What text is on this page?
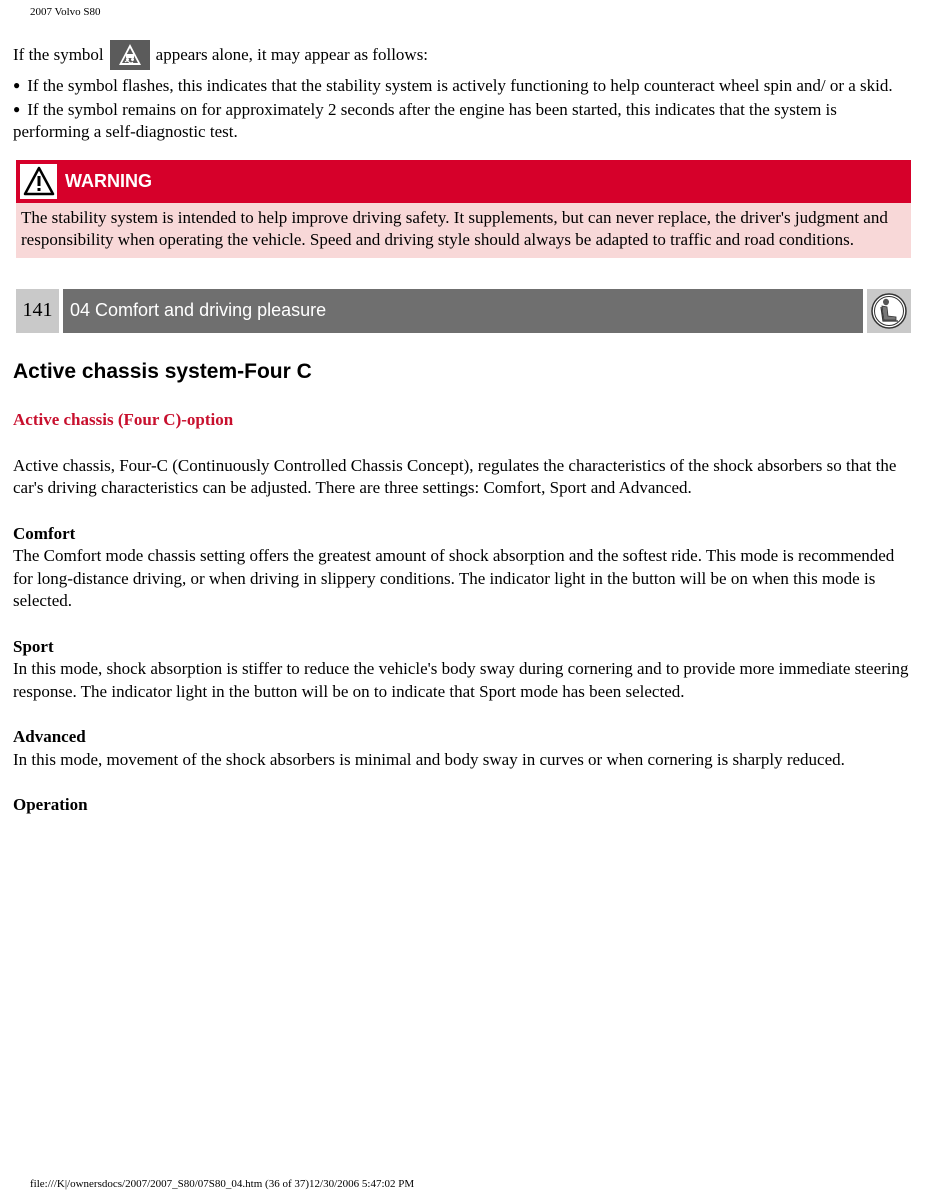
2007 Volvo S80

If the symbol	appears alone, it may appear as follows:

● If the symbol flashes, this indicates that the stability system is actively functioning to help counteract wheel spin and/ or a skid.
● If the symbol remains on for approximately 2 seconds after the engine has been started, this indicates that the system is performing a self-diagnostic test.
WARNING
The stability system is intended to help improve driving safety. It supplements, but can never replace, the driver's judgment and responsibility when operating the vehicle. Speed and driving style should always be adapted to traffic and road conditions.
141 04 Comfort and driving pleasure
Active chassis system-Four C
Active chassis (Four C)-option

Active chassis, Four-C (Continuously Controlled Chassis Concept), regulates the characteristics of the shock absorbers so that the car's driving characteristics can be adjusted. There are three settings: Comfort, Sport and Advanced.

Comfort

The Comfort mode chassis setting offers the greatest amount of shock absorption and the softest ride. This mode is recommended for long-distance driving, or when driving in slippery conditions. The indicator light in the button will be on when this mode is selected.

Sport

In this mode, shock absorption is stiffer to reduce the vehicle's body sway during cornering and to provide more immediate steering response. The indicator light in the button will be on to indicate that Sport mode has been selected.

Advanced

In this mode, movement of the shock absorbers is minimal and body sway in curves or when cornering is sharply reduced.

Operation
file:///K|/ownersdocs/2007/2007_S80/07S80_04.htm (36 of 37)12/30/2006 5:47:02 PM
